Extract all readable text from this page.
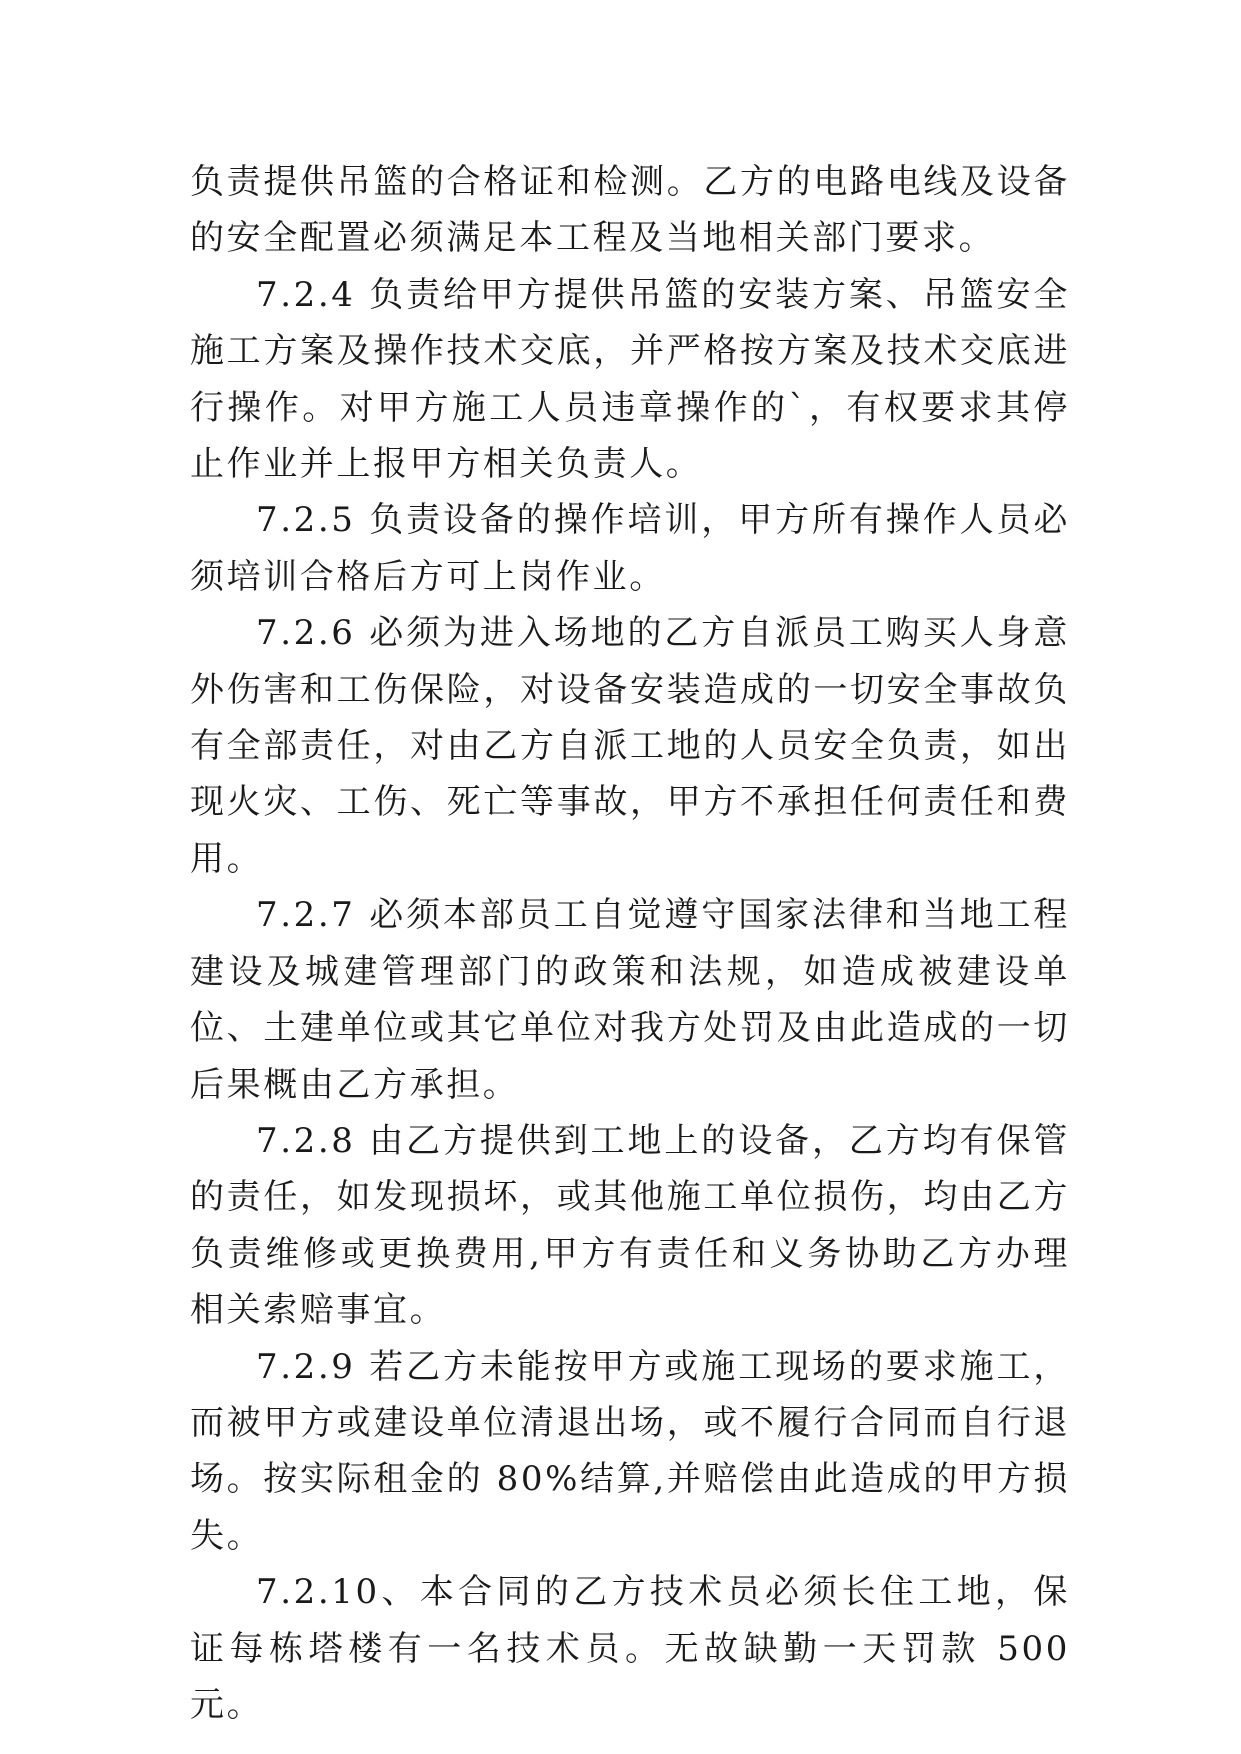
负责提供吊篮的合格证和检测。乙方的电路电线及设备的安全配置必须满足本工程及当地相关部门要求。

7.2.4 负责给甲方提供吊篮的安装方案、吊篮安全施工方案及操作技术交底，并严格按方案及技术交底进行操作。对甲方施工人员违章操作的`，有权要求其停止作业并上报甲方相关负责人。

7.2.5 负责设备的操作培训，甲方所有操作人员必须培训合格后方可上岗作业。

7.2.6 必须为进入场地的乙方自派员工购买人身意外伤害和工伤保险，对设备安装造成的一切安全事故负有全部责任，对由乙方自派工地的人员安全负责，如出现火灾、工伤、死亡等事故，甲方不承担任何责任和费用。

7.2.7 必须本部员工自觉遵守国家法律和当地工程建设及城建管理部门的政策和法规，如造成被建设单位、土建单位或其它单位对我方处罚及由此造成的一切后果概由乙方承担。

7.2.8 由乙方提供到工地上的设备，乙方均有保管的责任，如发现损坏，或其他施工单位损伤，均由乙方负责维修或更换费用,甲方有责任和义务协助乙方办理相关索赔事宜。

7.2.9 若乙方未能按甲方或施工现场的要求施工，而被甲方或建设单位清退出场，或不履行合同而自行退场。按实际租金的 80%结算,并赔偿由此造成的甲方损失。

7.2.10、本合同的乙方技术员必须长住工地，保证每栋塔楼有一名技术员。无故缺勤一天罚款 500 元。
